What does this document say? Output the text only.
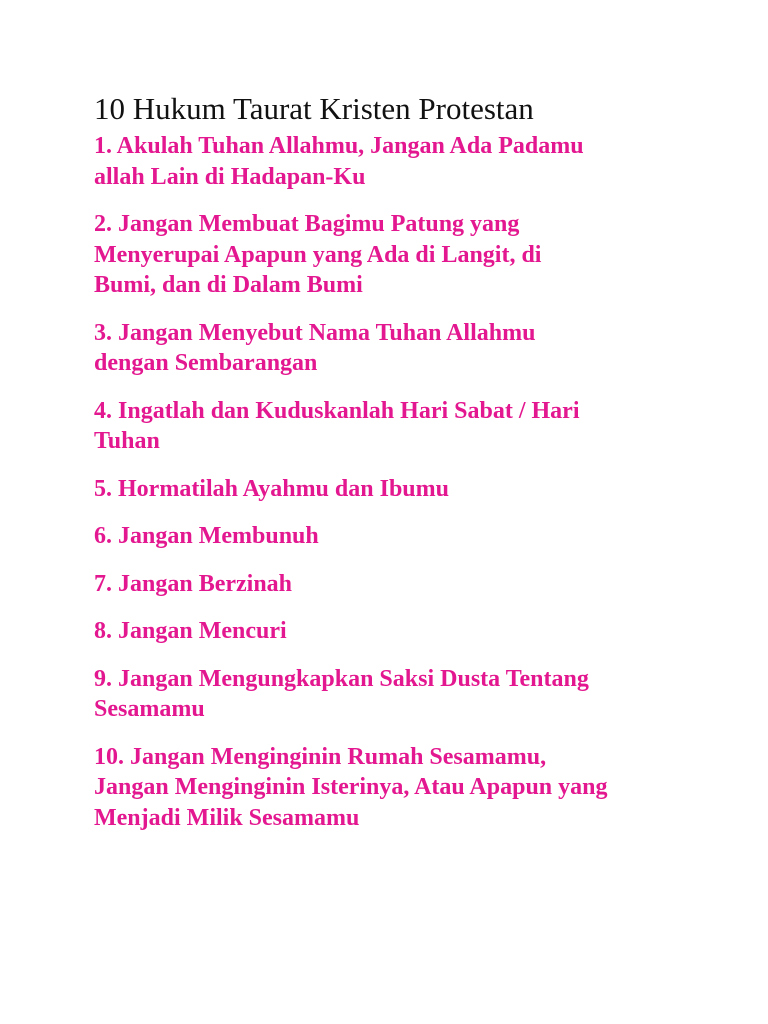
10 Hukum Taurat Kristen Protestan
1. Akulah Tuhan Allahmu, Jangan Ada Padamu
allah Lain di Hadapan-Ku
2. Jangan Membuat Bagimu Patung yang
Menyerupai Apapun yang Ada di Langit, di
Bumi, dan di Dalam Bumi
3. Jangan Menyebut Nama Tuhan Allahmu
dengan Sembarangan
4. Ingatlah dan Kuduskanlah Hari Sabat / Hari
Tuhan
5. Hormatilah Ayahmu dan Ibumu
6. Jangan Membunuh
7. Jangan Berzinah
8. Jangan Mencuri
9. Jangan Mengungkapkan Saksi Dusta Tentang
Sesamamu
10. Jangan Menginginin Rumah Sesamamu,
Jangan Menginginin Isterinya, Atau Apapun yang
Menjadi Milik Sesamamu
